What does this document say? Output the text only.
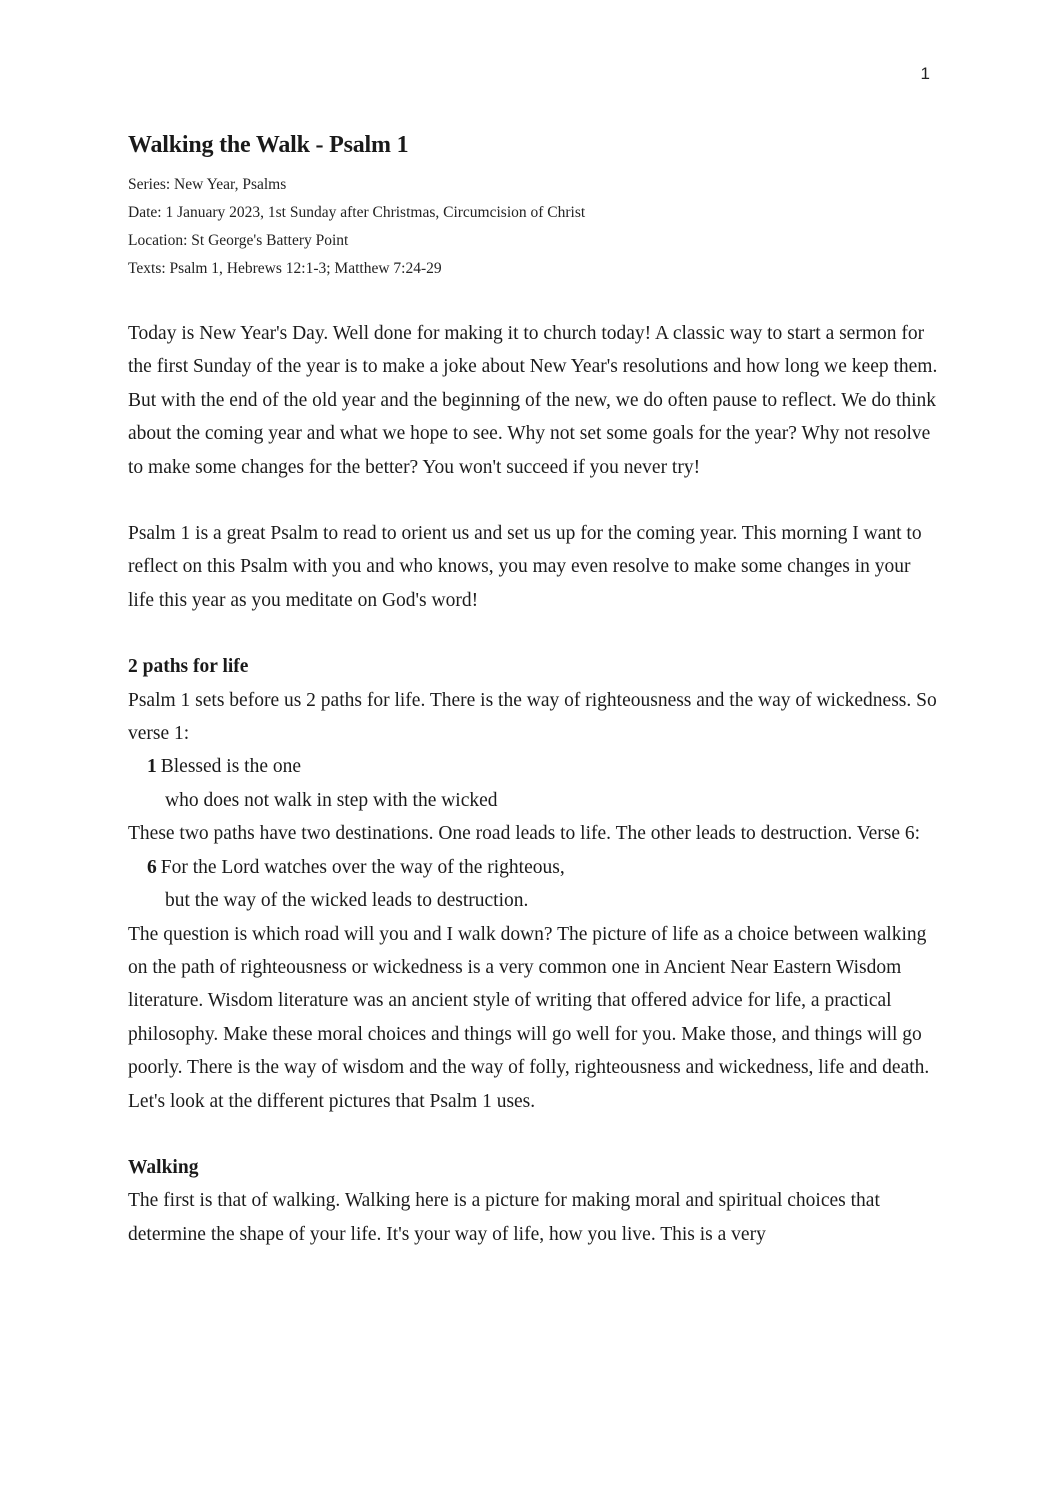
1
Walking the Walk - Psalm 1
Series: New Year, Psalms
Date: 1 January 2023, 1st Sunday after Christmas, Circumcision of Christ
Location: St George's Battery Point
Texts: Psalm 1, Hebrews 12:1-3; Matthew 7:24-29

Today is New Year's Day. Well done for making it to church today! A classic way to start a sermon for the first Sunday of the year is to make a joke about New Year's resolutions and how long we keep them. But with the end of the old year and the beginning of the new, we do often pause to reflect. We do think about the coming year and what we hope to see. Why not set some goals for the year? Why not resolve to make some changes for the better? You won't succeed if you never try!

Psalm 1 is a great Psalm to read to orient us and set us up for the coming year. This morning I want to reflect on this Psalm with you and who knows, you may even resolve to make some changes in your life this year as you meditate on God's word!

2 paths for life

Psalm 1 sets before us 2 paths for life. There is the way of righteousness and the way of wickedness. So verse 1:

1 Blessed is the one
who does not walk in step with the wicked

These two paths have two destinations. One road leads to life. The other leads to destruction. Verse 6:

6 For the Lord watches over the way of the righteous,
but the way of the wicked leads to destruction.

The question is which road will you and I walk down? The picture of life as a choice between walking on the path of righteousness or wickedness is a very common one in Ancient Near Eastern Wisdom literature. Wisdom literature was an ancient style of writing that offered advice for life, a practical philosophy. Make these moral choices and things will go well for you. Make those, and things will go poorly. There is the way of wisdom and the way of folly, righteousness and wickedness, life and death. Let's look at the different pictures that Psalm 1 uses.

Walking

The first is that of walking. Walking here is a picture for making moral and spiritual choices that determine the shape of your life. It's your way of life, how you live. This is a very
